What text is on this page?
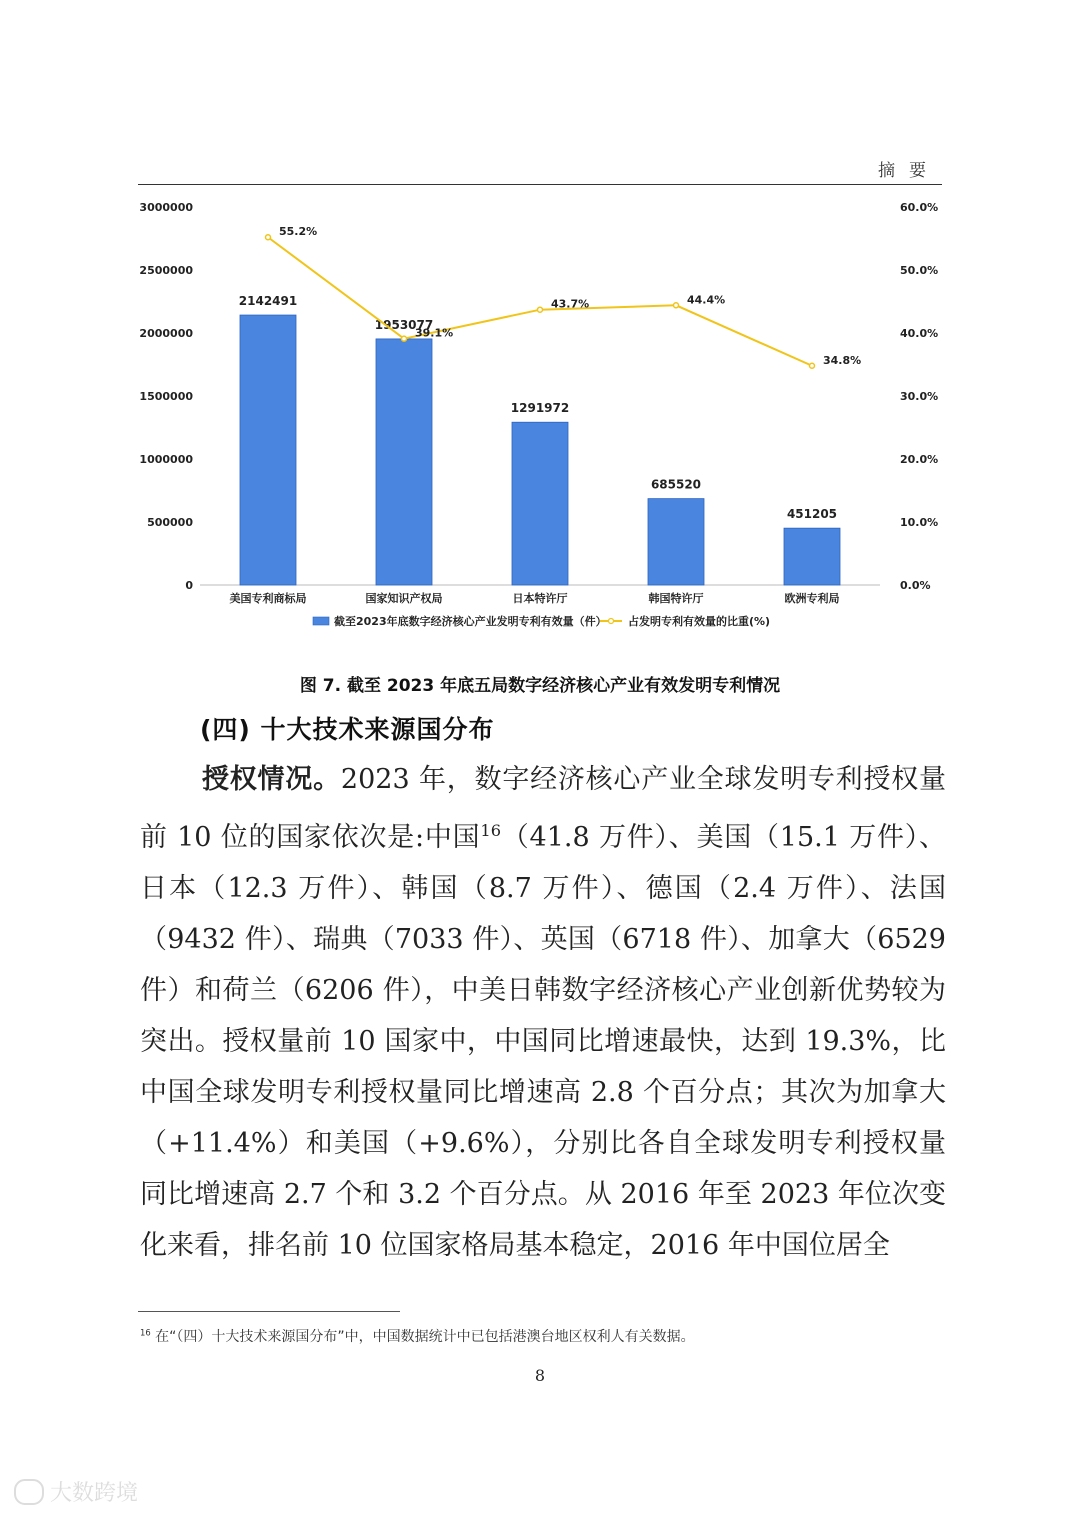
摘要
0
500000
1000000
1500000
2000000
2500000
3000000
0.0%
10.0%
20.0%
30.0%
40.0%
50.0%
60.0%
2142491
1953077
1291972
685520
451205
55.2%
39.1%
43.7%	44.4%
34.8%
美国专利商标局	国家知识产权局	日本特许厅	韩国特许厅	欧洲专利局
截至2023年底数字经济核心产业发明专利有效量（件） 占发明专利有效量的比重(%)
图 7. 截至 2023 年底五局数字经济核心产业有效发明专利情况
(四) 十大技术来源国分布

授权情况。2023 年，数字经济核心产业全球发明专利授权量前 10 位的国家依次是:中国$^{16}$（41.8 万件）、美国（15.1 万件）、日本（12.3 万件）、韩国（8.7 万件）、德国（2.4 万件）、法国（9432 件）、瑞典（7033 件）、英国（6718 件）、加拿大（6529 件）和荷兰（6206 件），中美日韩数字经济核心产业创新优势较为突出。授权量前 10 国家中，中国同比增速最快，达到 19.3%，比中国全球发明专利授权量同比增速高 2.8 个百分点；其次为加拿大（+11.4%）和美国（+9.6%），分别比各自全球发明专利授权量同比增速高 2.7 个和 3.2 个百分点。从 2016 年至 2023 年位次变化来看，排名前 10 位国家格局基本稳定，2016 年中国位居全

$^{16}$ 在“（四）十大技术来源国分布”中，中国数据统计中已包括港澳台地区权利人有关数据。
8
大数跨境
